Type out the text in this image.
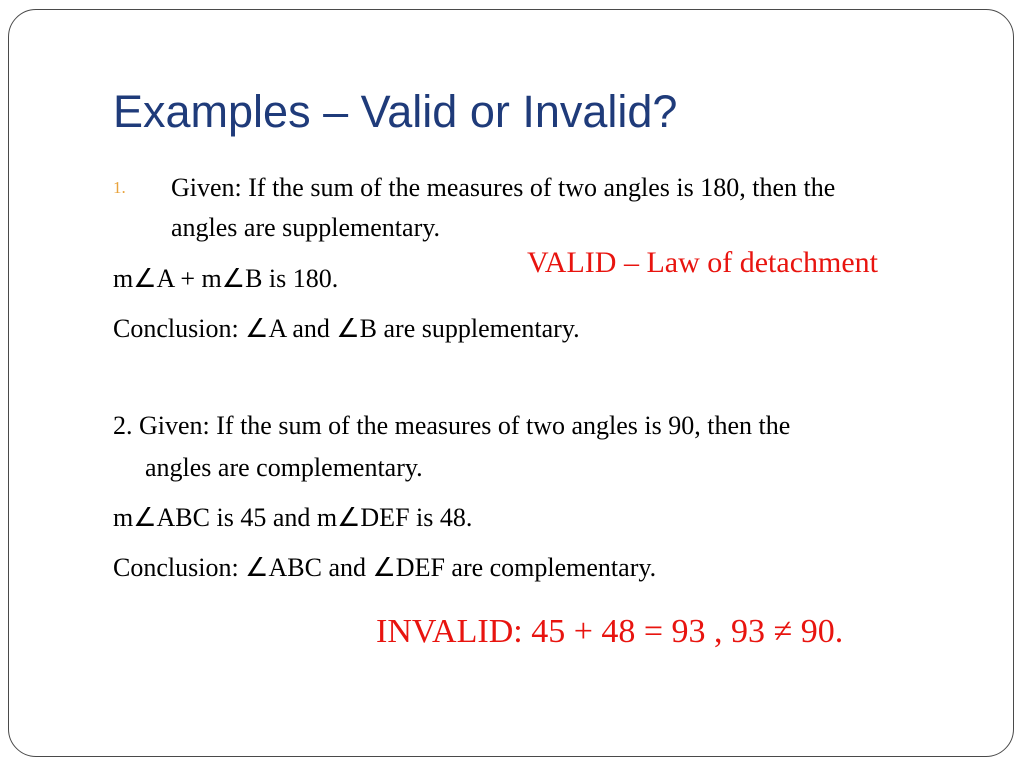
Examples – Valid or Invalid?
1. Given: If the sum of the measures of two angles is 180, then the
angles are supplementary.
m∠A + m∠B is 180.
Conclusion: ∠A and ∠B are supplementary.
VALID – Law of detachment
2. Given: If the sum of the measures of two angles is 90, then the
angles are complementary.
m∠ABC is 45 and m∠DEF is 48.
Conclusion: ∠ABC and ∠DEF are complementary.
INVALID: 45 + 48 = 93 , 93 ≠ 90.
